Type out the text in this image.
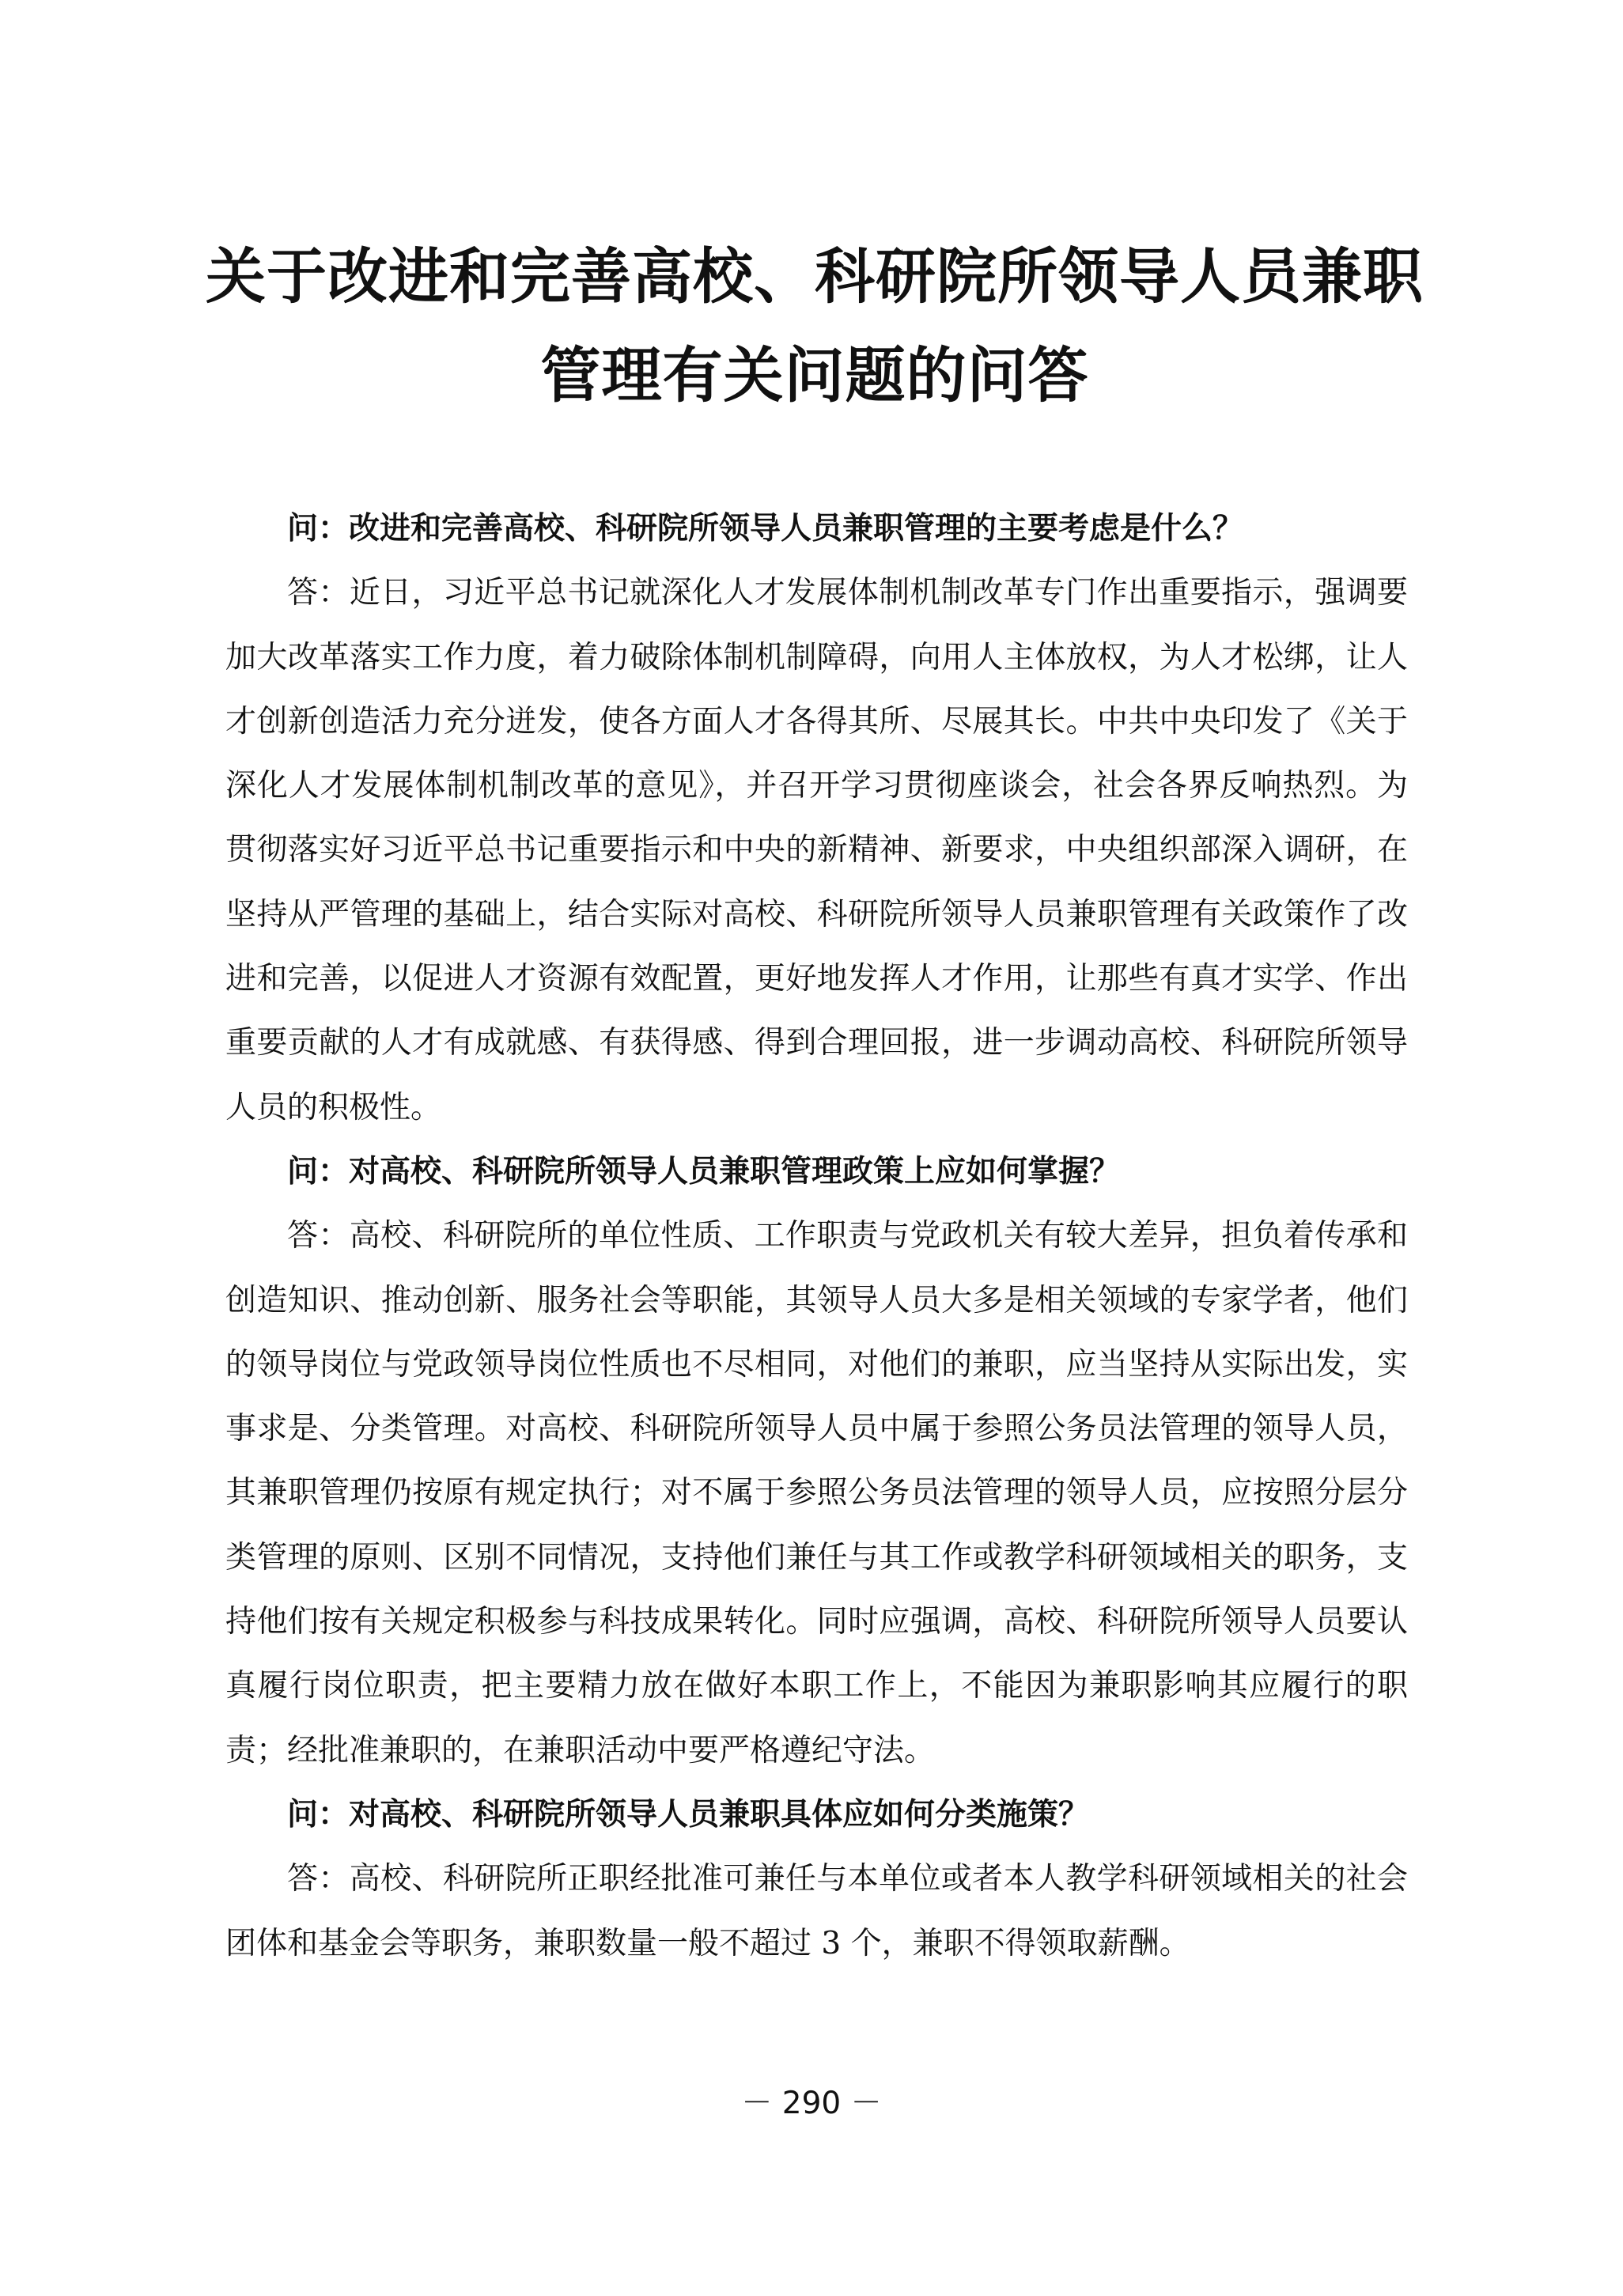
关于改进和完善高校、科研院所领导人员兼职
管理有关问题的问答

问：改进和完善高校、科研院所领导人员兼职管理的主要考虑是什么？

答：近日，习近平总书记就深化人才发展体制机制改革专门作出重要指示，强调要加大改革落实工作力度，着力破除体制机制障碍，向用人主体放权，为人才松绑，让人才创新创造活力充分迸发，使各方面人才各得其所、尽展其长。中共中央印发了《关于深化人才发展体制机制改革的意见》，并召开学习贯彻座谈会，社会各界反响热烈。为贯彻落实好习近平总书记重要指示和中央的新精神、新要求，中央组织部深入调研，在坚持从严管理的基础上，结合实际对高校、科研院所领导人员兼职管理有关政策作了改进和完善，以促进人才资源有效配置，更好地发挥人才作用，让那些有真才实学、作出重要贡献的人才有成就感、有获得感、得到合理回报，进一步调动高校、科研院所领导人员的积极性。

问：对高校、科研院所领导人员兼职管理政策上应如何掌握？

答：高校、科研院所的单位性质、工作职责与党政机关有较大差异，担负着传承和创造知识、推动创新、服务社会等职能，其领导人员大多是相关领域的专家学者，他们的领导岗位与党政领导岗位性质也不尽相同，对他们的兼职，应当坚持从实际出发，实事求是、分类管理。对高校、科研院所领导人员中属于参照公务员法管理的领导人员，其兼职管理仍按原有规定执行；对不属于参照公务员法管理的领导人员，应按照分层分类管理的原则、区别不同情况，支持他们兼任与其工作或教学科研领域相关的职务，支持他们按有关规定积极参与科技成果转化。同时应强调，高校、科研院所领导人员要认真履行岗位职责，把主要精力放在做好本职工作上，不能因为兼职影响其应履行的职责；经批准兼职的，在兼职活动中要严格遵纪守法。

问：对高校、科研院所领导人员兼职具体应如何分类施策？

答：高校、科研院所正职经批准可兼任与本单位或者本人教学科研领域相关的社会团体和基金会等职务，兼职数量一般不超过 3 个，兼职不得领取薪酬。

－ 290 －
